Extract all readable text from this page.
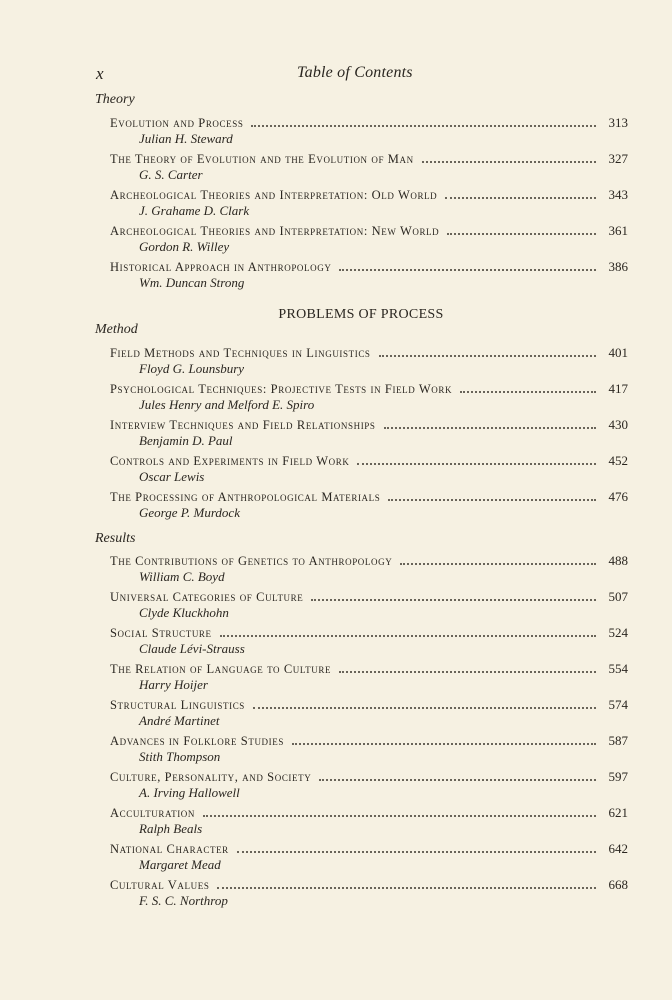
x	Table of Contents
Theory
Evolution and Process	313
Julian H. Steward
The Theory of Evolution and the Evolution of Man	327
G. S. Carter
Archeological Theories and Interpretation: Old World	343
J. Grahame D. Clark
Archeological Theories and Interpretation: New World	361
Gordon R. Willey
Historical Approach in Anthropology	386
Wm. Duncan Strong
PROBLEMS OF PROCESS
Method
Field Methods and Techniques in Linguistics	401
Floyd G. Lounsbury
Psychological Techniques: Projective Tests in Field Work	417
Jules Henry and Melford E. Spiro
Interview Techniques and Field Relationships	430
Benjamin D. Paul
Controls and Experiments in Field Work	452
Oscar Lewis
The Processing of Anthropological Materials	476
George P. Murdock
Results
The Contributions of Genetics to Anthropology	488
William C. Boyd
Universal Categories of Culture	507
Clyde Kluckhohn
Social Structure	524
Claude Lévi-Strauss
The Relation of Language to Culture	554
Harry Hoijer
Structural Linguistics	574
André Martinet
Advances in Folklore Studies	587
Stith Thompson
Culture, Personality, and Society	597
A. Irving Hallowell
Acculturation	621
Ralph Beals
National Character	642
Margaret Mead
Cultural Values	668
F. S. C. Northrop
